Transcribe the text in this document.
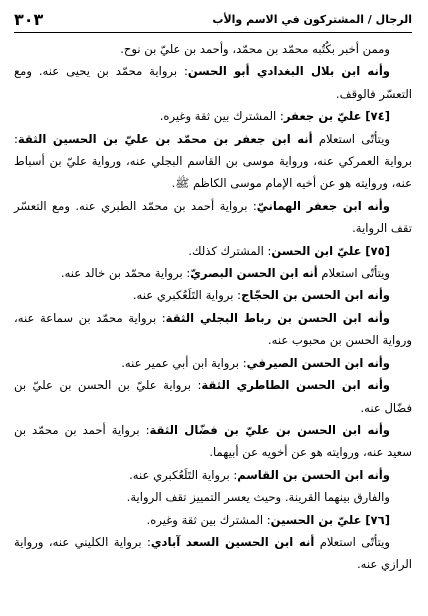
الرجال / المشتركون في الاسم والأب
٣٠٣

وممن أخبر بكُتُبه محمّد بن محمّد، وأحمد بن عليّ بن نوح.

وأنه ابن بلال البغدادي أبو الحسن: برواية محمّد بن يحيى عنه. ومع التعسّر فالوقف.

[٧٤] عليّ بن جعفر: المشترك بين ثقة وغيره.

ويتأتّى استعلام أنه ابن جعفر بن محمّد بن عليّ بن الحسين الثقة: برواية العمركي عنه، ورواية موسى بن القاسم البجلي عنه، ورواية عليّ بن أسباط عنه، وروايته هو عن أخيه الإمام موسى الكاظم ﷺ.

وأنه ابن جعفر الهمانيّ: برواية أحمد بن محمّد الطبري عنه. ومع التعسّر تقف الرواية.

[٧٥] عليّ ابن الحسن: المشترك كذلك.

ويتأتّى استعلام أنه ابن الحسن البصريّ: برواية محمّد بن خالد عنه.

وأنه ابن الحسن بن الحجّاج: برواية التَلَعُكبري عنه.

وأنه ابن الحسن بن رباط البجلي الثقة: برواية محمّد بن سماعة عنه، ورواية الحسن بن محبوب عنه.

وأنه ابن الحسن الصيرفي: برواية ابن أبي عمير عنه.

وأنه ابن الحسن الطاطري الثقة: برواية عليّ بن الحسن بن عليّ بن فضّال عنه.

وأنه ابن الحسن بن عليّ بن فضّال الثقة: برواية أحمد بن محمّد بن سعيد عنه، وروايته هو عن أخويه عن أبيهما.

وأنه ابن الحسن بن القاسم: برواية التَلَعُكبري عنه.

والفارق بينهما القرينة. وحيث يعسر التمييز تقف الرواية.

[٧٦] عليّ بن الحسين: المشترك بين ثقة وغيره.

ويتأتّى استعلام أنه ابن الحسين السعد آبادي: برواية الكليني عنه، ورواية الرازي عنه.
